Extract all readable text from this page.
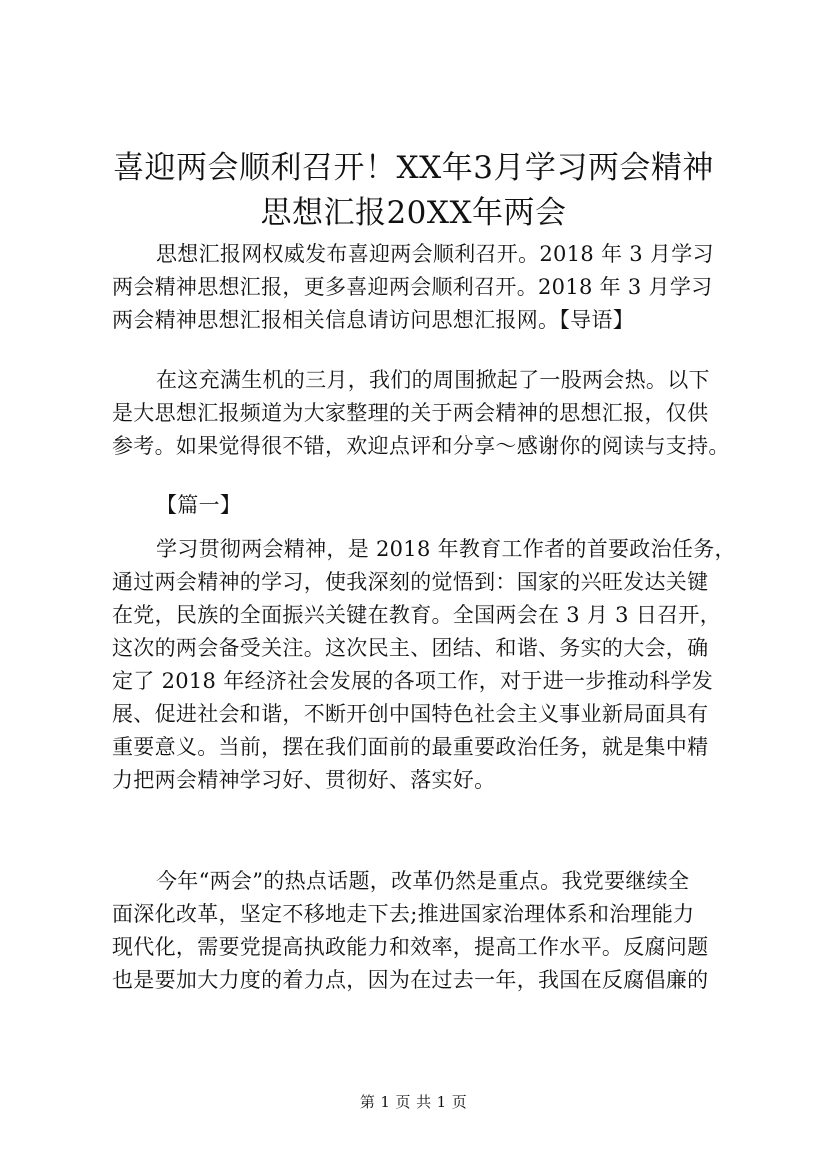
喜迎两会顺利召开！XX年3月学习两会精神
思想汇报20XX年两会
思想汇报网权威发布喜迎两会顺利召开。2018 年 3 月学习
两会精神思想汇报，更多喜迎两会顺利召开。2018 年 3 月学习
两会精神思想汇报相关信息请访问思想汇报网。【导语】
在这充满生机的三月，我们的周围掀起了一股两会热。以下
是大思想汇报频道为大家整理的关于两会精神的思想汇报，仅供
参考。如果觉得很不错，欢迎点评和分享～感谢你的阅读与支持。
【篇一】
学习贯彻两会精神，是 2018 年教育工作者的首要政治任务，
通过两会精神的学习，使我深刻的觉悟到：国家的兴旺发达关键
在党，民族的全面振兴关键在教育。全国两会在 3 月 3 日召开，
这次的两会备受关注。这次民主、团结、和谐、务实的大会，确
定了 2018 年经济社会发展的各项工作，对于进一步推动科学发
展、促进社会和谐，不断开创中国特色社会主义事业新局面具有
重要意义。当前，摆在我们面前的最重要政治任务，就是集中精
力把两会精神学习好、贯彻好、落实好。
今年“两会”的热点话题，改革仍然是重点。我党要继续全
面深化改革，坚定不移地走下去;推进国家治理体系和治理能力
现代化，需要党提高执政能力和效率，提高工作水平。反腐问题
也是要加大力度的着力点，因为在过去一年，我国在反腐倡廉的
第 1 页 共 1 页
